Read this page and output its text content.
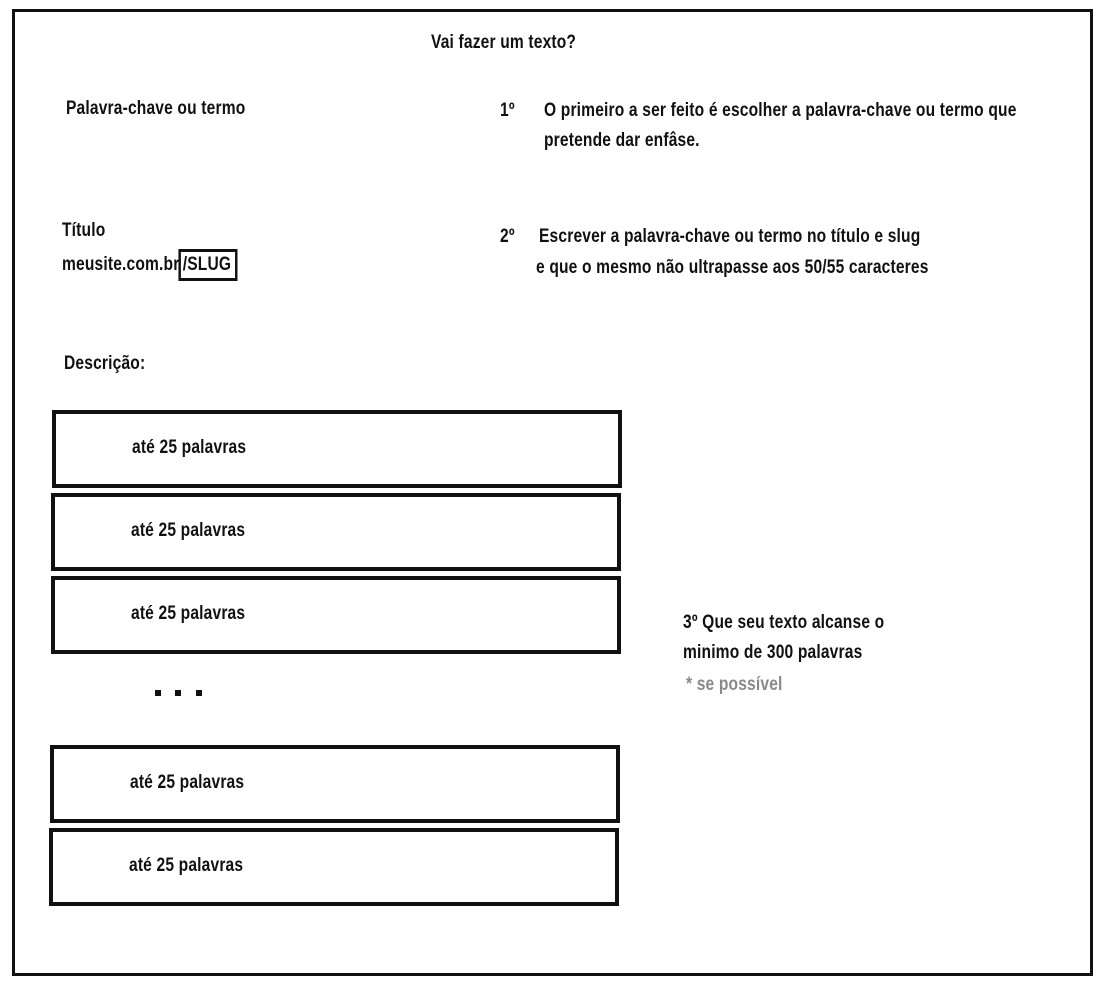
Vai fazer um texto?
Palavra-chave ou termo	1º O primeiro a ser feito é escolher a palavra-chave ou termo que
pretende dar enfâse.
Título
meusite.com.br /SLUG
2º Escrever a palavra-chave ou termo no título e slug
e que o mesmo não ultrapasse aos 50/55 caracteres
Descrição:
até 25 palavras
até 25 palavras
até 25 palavras
até 25 palavras
até 25 palavras
3º Que seu texto alcanse o
minimo de 300 palavras
* se possível
